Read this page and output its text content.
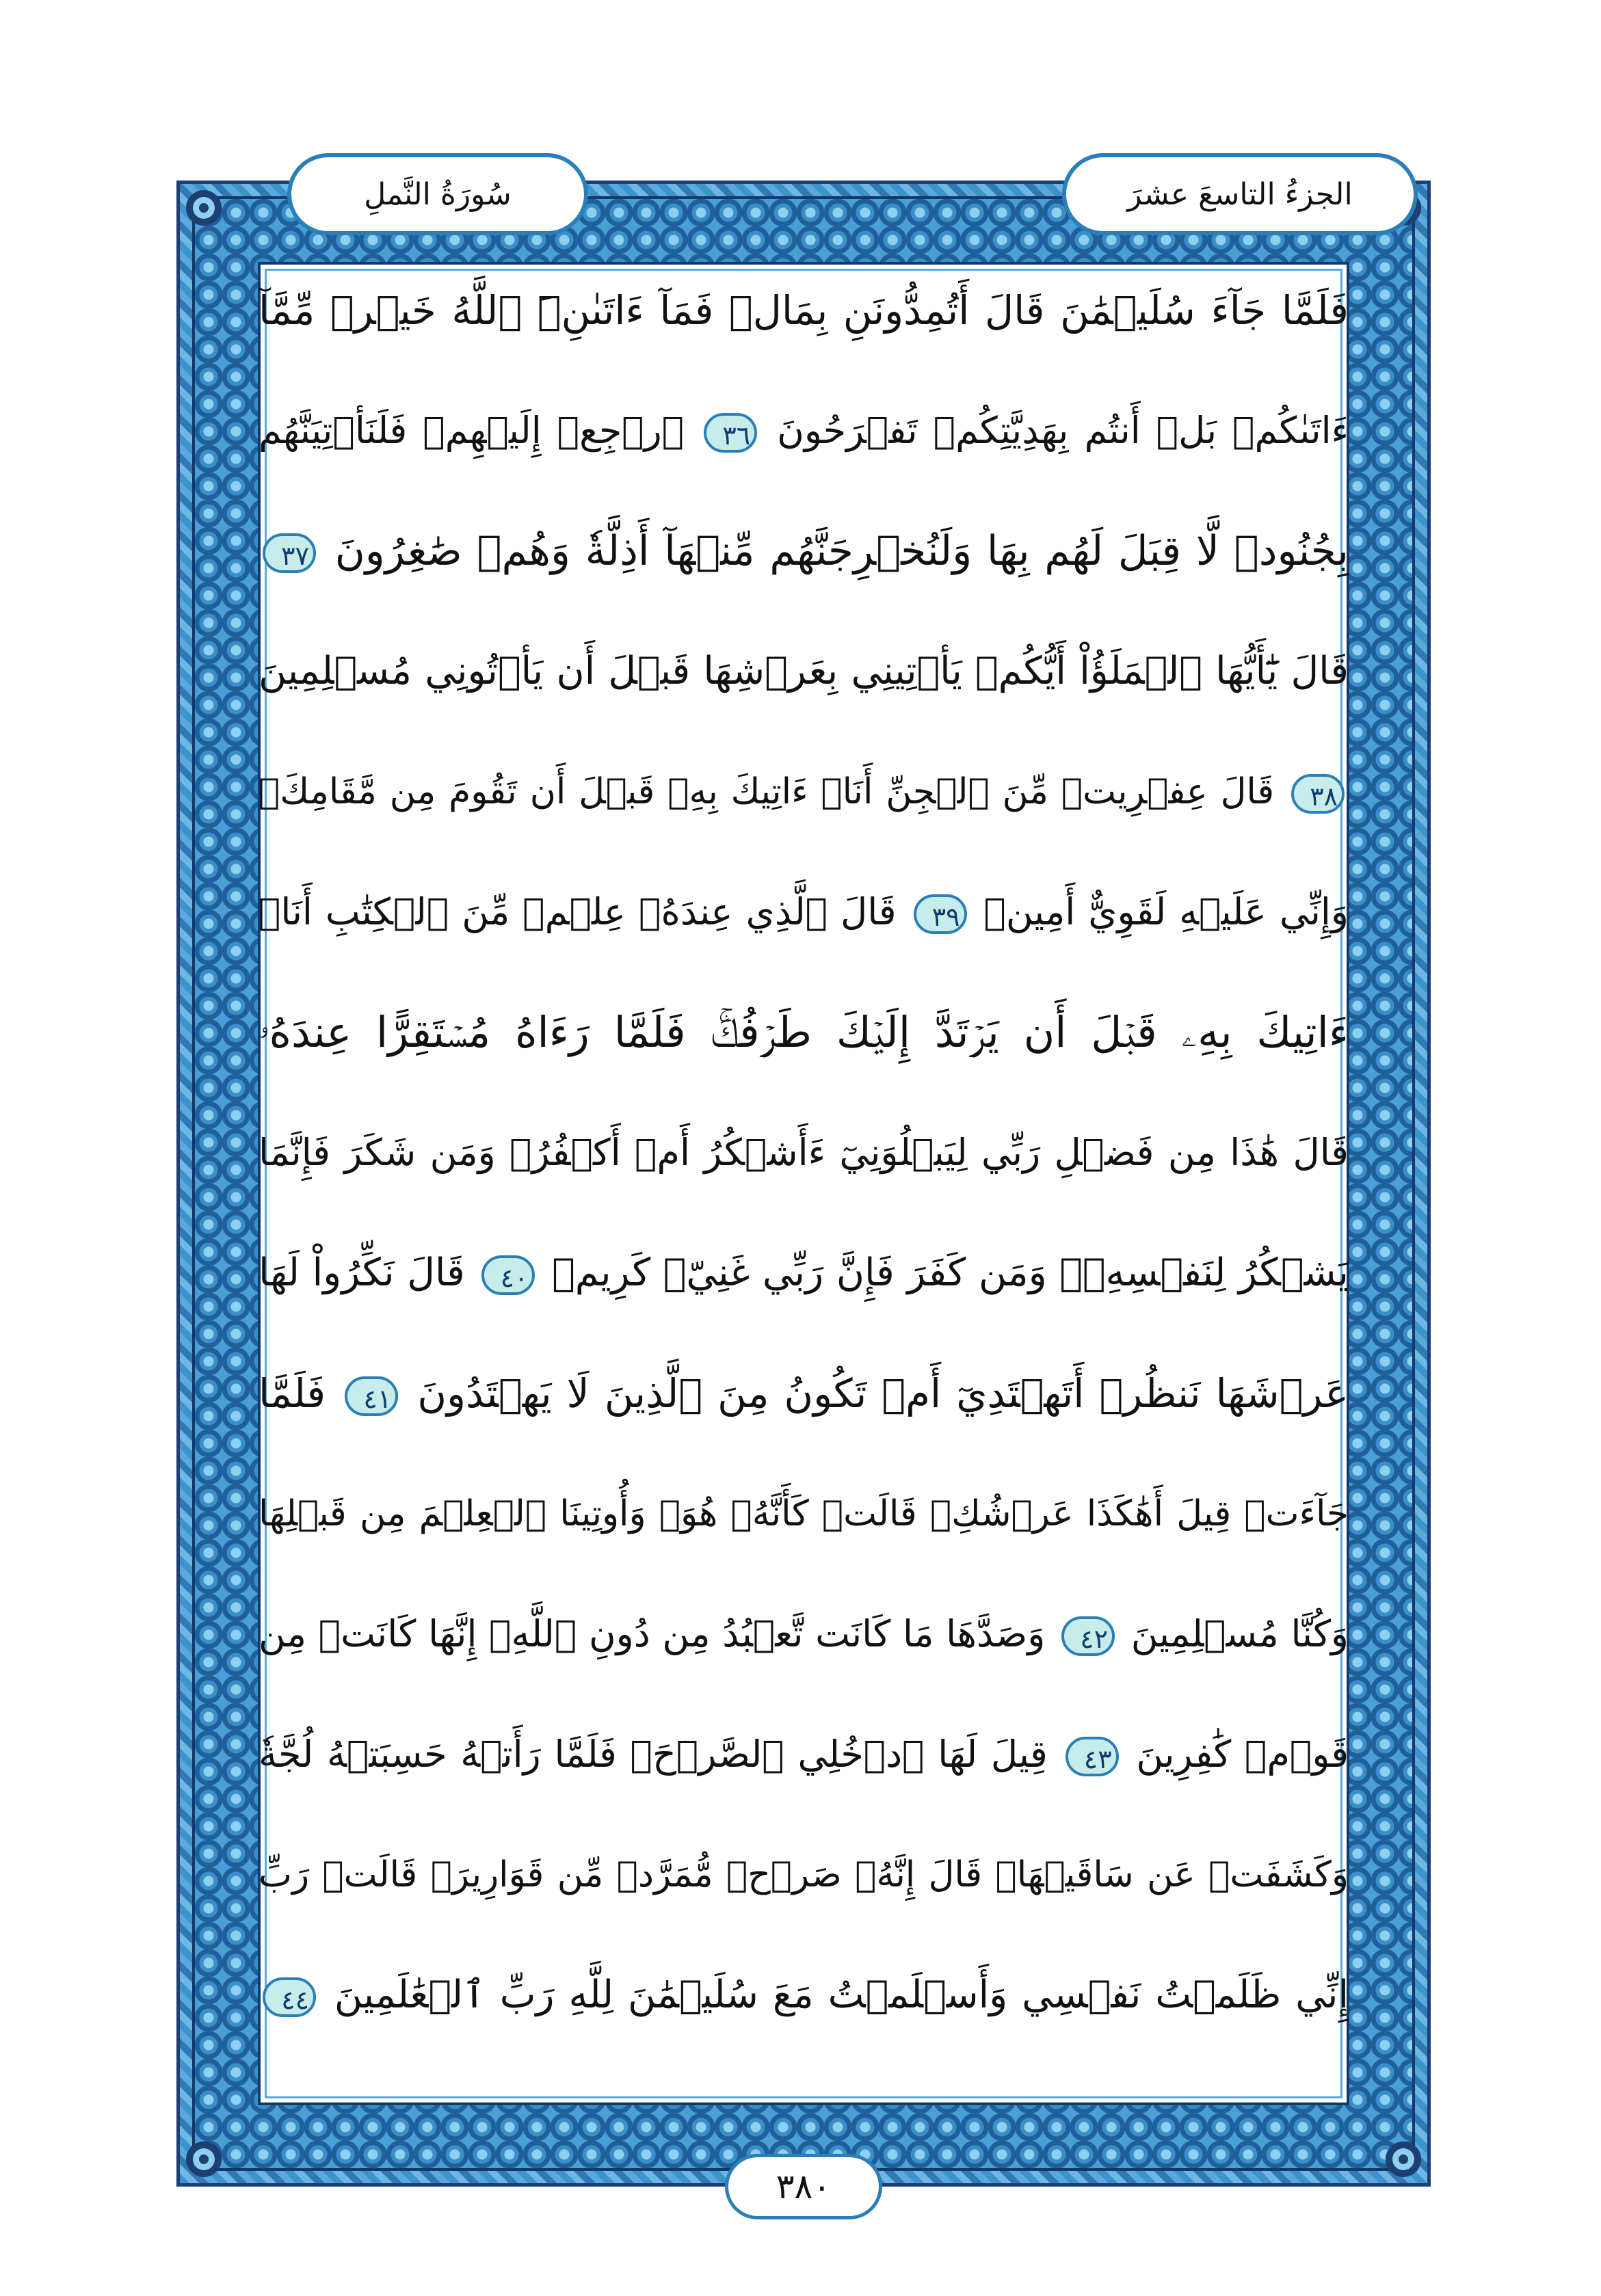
الجزءُ التاسعَ عشرَ
سُورَةُ النَّملِ
فَلَمَّا جَآءَ سُلَيۡمَٰنَ قَالَ أَتُمِدُّونَنِ بِمَالٖ فَمَآ ءَاتَىٰنِۦَ ٱللَّهُ خَيۡرٞ مِّمَّآ
ءَاتَىٰكُمۚ بَلۡ أَنتُم بِهَدِيَّتِكُمۡ تَفۡرَحُونَ ٣٦ ٱرۡجِعۡ إِلَيۡهِمۡ فَلَنَأۡتِيَنَّهُم
بِجُنُودٖ لَّا قِبَلَ لَهُم بِهَا وَلَنُخۡرِجَنَّهُم مِّنۡهَآ أَذِلَّةٗ وَهُمۡ صَٰغِرُونَ ٣٧
قَالَ يَٰٓأَيُّهَا ٱلۡمَلَؤُاْ أَيُّكُمۡ يَأۡتِينِي بِعَرۡشِهَا قَبۡلَ أَن يَأۡتُونِي مُسۡلِمِينَ
٣٨ قَالَ عِفۡرِيتٞ مِّنَ ٱلۡجِنِّ أَنَا۠ ءَاتِيكَ بِهِۦ قَبۡلَ أَن تَقُومَ مِن مَّقَامِكَۖ
وَإِنِّي عَلَيۡهِ لَقَوِيٌّ أَمِينٞ ٣٩ قَالَ ٱلَّذِي عِندَهُۥ عِلۡمٞ مِّنَ ٱلۡكِتَٰبِ أَنَا۠
ءَاتِيكَ بِهِۦ قَبۡلَ أَن يَرۡتَدَّ إِلَيۡكَ طَرۡفُكَۚ فَلَمَّا رَءَاهُ مُسۡتَقِرًّا عِندَهُۥ
قَالَ هَٰذَا مِن فَضۡلِ رَبِّي لِيَبۡلُوَنِيٓ ءَأَشۡكُرُ أَمۡ أَكۡفُرُۖ وَمَن شَكَرَ فَإِنَّمَا
يَشۡكُرُ لِنَفۡسِهِۦۖ وَمَن كَفَرَ فَإِنَّ رَبِّي غَنِيّٞ كَرِيمٞ ٤٠ قَالَ نَكِّرُواْ لَهَا
عَرۡشَهَا نَنظُرۡ أَتَهۡتَدِيٓ أَمۡ تَكُونُ مِنَ ٱلَّذِينَ لَا يَهۡتَدُونَ ٤١ فَلَمَّا
جَآءَتۡ قِيلَ أَهَٰكَذَا عَرۡشُكِۖ قَالَتۡ كَأَنَّهُۥ هُوَۚ وَأُوتِينَا ٱلۡعِلۡمَ مِن قَبۡلِهَا
وَكُنَّا مُسۡلِمِينَ ٤٢ وَصَدَّهَا مَا كَانَت تَّعۡبُدُ مِن دُونِ ٱللَّهِۖ إِنَّهَا كَانَتۡ مِن
قَوۡمٖ كَٰفِرِينَ ٤٣ قِيلَ لَهَا ٱدۡخُلِي ٱلصَّرۡحَۖ فَلَمَّا رَأَتۡهُ حَسِبَتۡهُ لُجَّةٗ
وَكَشَفَتۡ عَن سَاقَيۡهَاۚ قَالَ إِنَّهُۥ صَرۡحٞ مُّمَرَّدٞ مِّن قَوَارِيرَۗ قَالَتۡ رَبِّ
إِنِّي ظَلَمۡتُ نَفۡسِي وَأَسۡلَمۡتُ مَعَ سُلَيۡمَٰنَ لِلَّهِ رَبِّ ٱلۡعَٰلَمِينَ ٤٤
٣٨٠
